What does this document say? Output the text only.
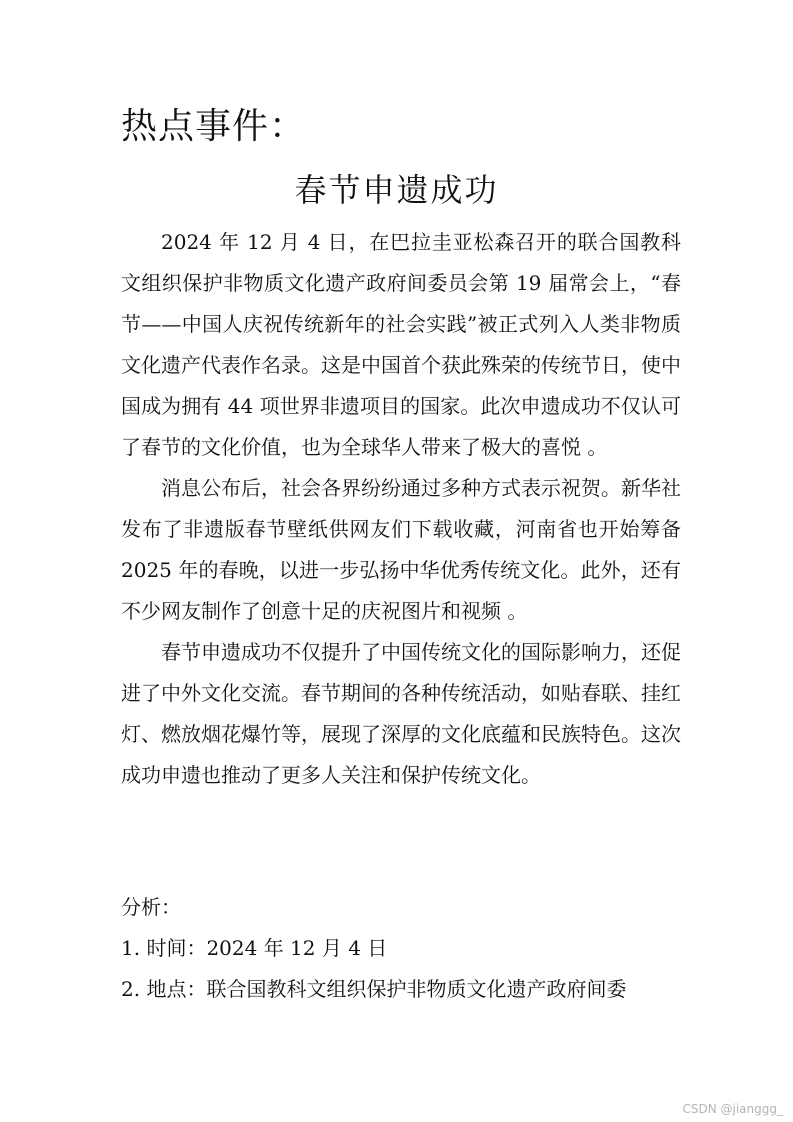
热点事件：
春节申遗成功

2024 年 12 月 4 日，在巴拉圭亚松森召开的联合国教科文组织保护非物质文化遗产政府间委员会第 19 届常会上，“春节——中国人庆祝传统新年的社会实践”被正式列入人类非物质文化遗产代表作名录。这是中国首个获此殊荣的传统节日，使中国成为拥有 44 项世界非遗项目的国家。此次申遗成功不仅认可了春节的文化价值，也为全球华人带来了极大的喜悦 。

消息公布后，社会各界纷纷通过多种方式表示祝贺。新华社发布了非遗版春节壁纸供网友们下载收藏，河南省也开始筹备 2025 年的春晚，以进一步弘扬中华优秀传统文化。此外，还有不少网友制作了创意十足的庆祝图片和视频 。

春节申遗成功不仅提升了中国传统文化的国际影响力，还促进了中外文化交流。春节期间的各种传统活动，如贴春联、挂红灯、燃放烟花爆竹等，展现了深厚的文化底蕴和民族特色。这次成功申遗也推动了更多人关注和保护传统文化。

分析：

1. 时间：2024 年 12 月 4 日

2. 地点：联合国教科文组织保护非物质文化遗产政府间委

CSDN @jianggg_
